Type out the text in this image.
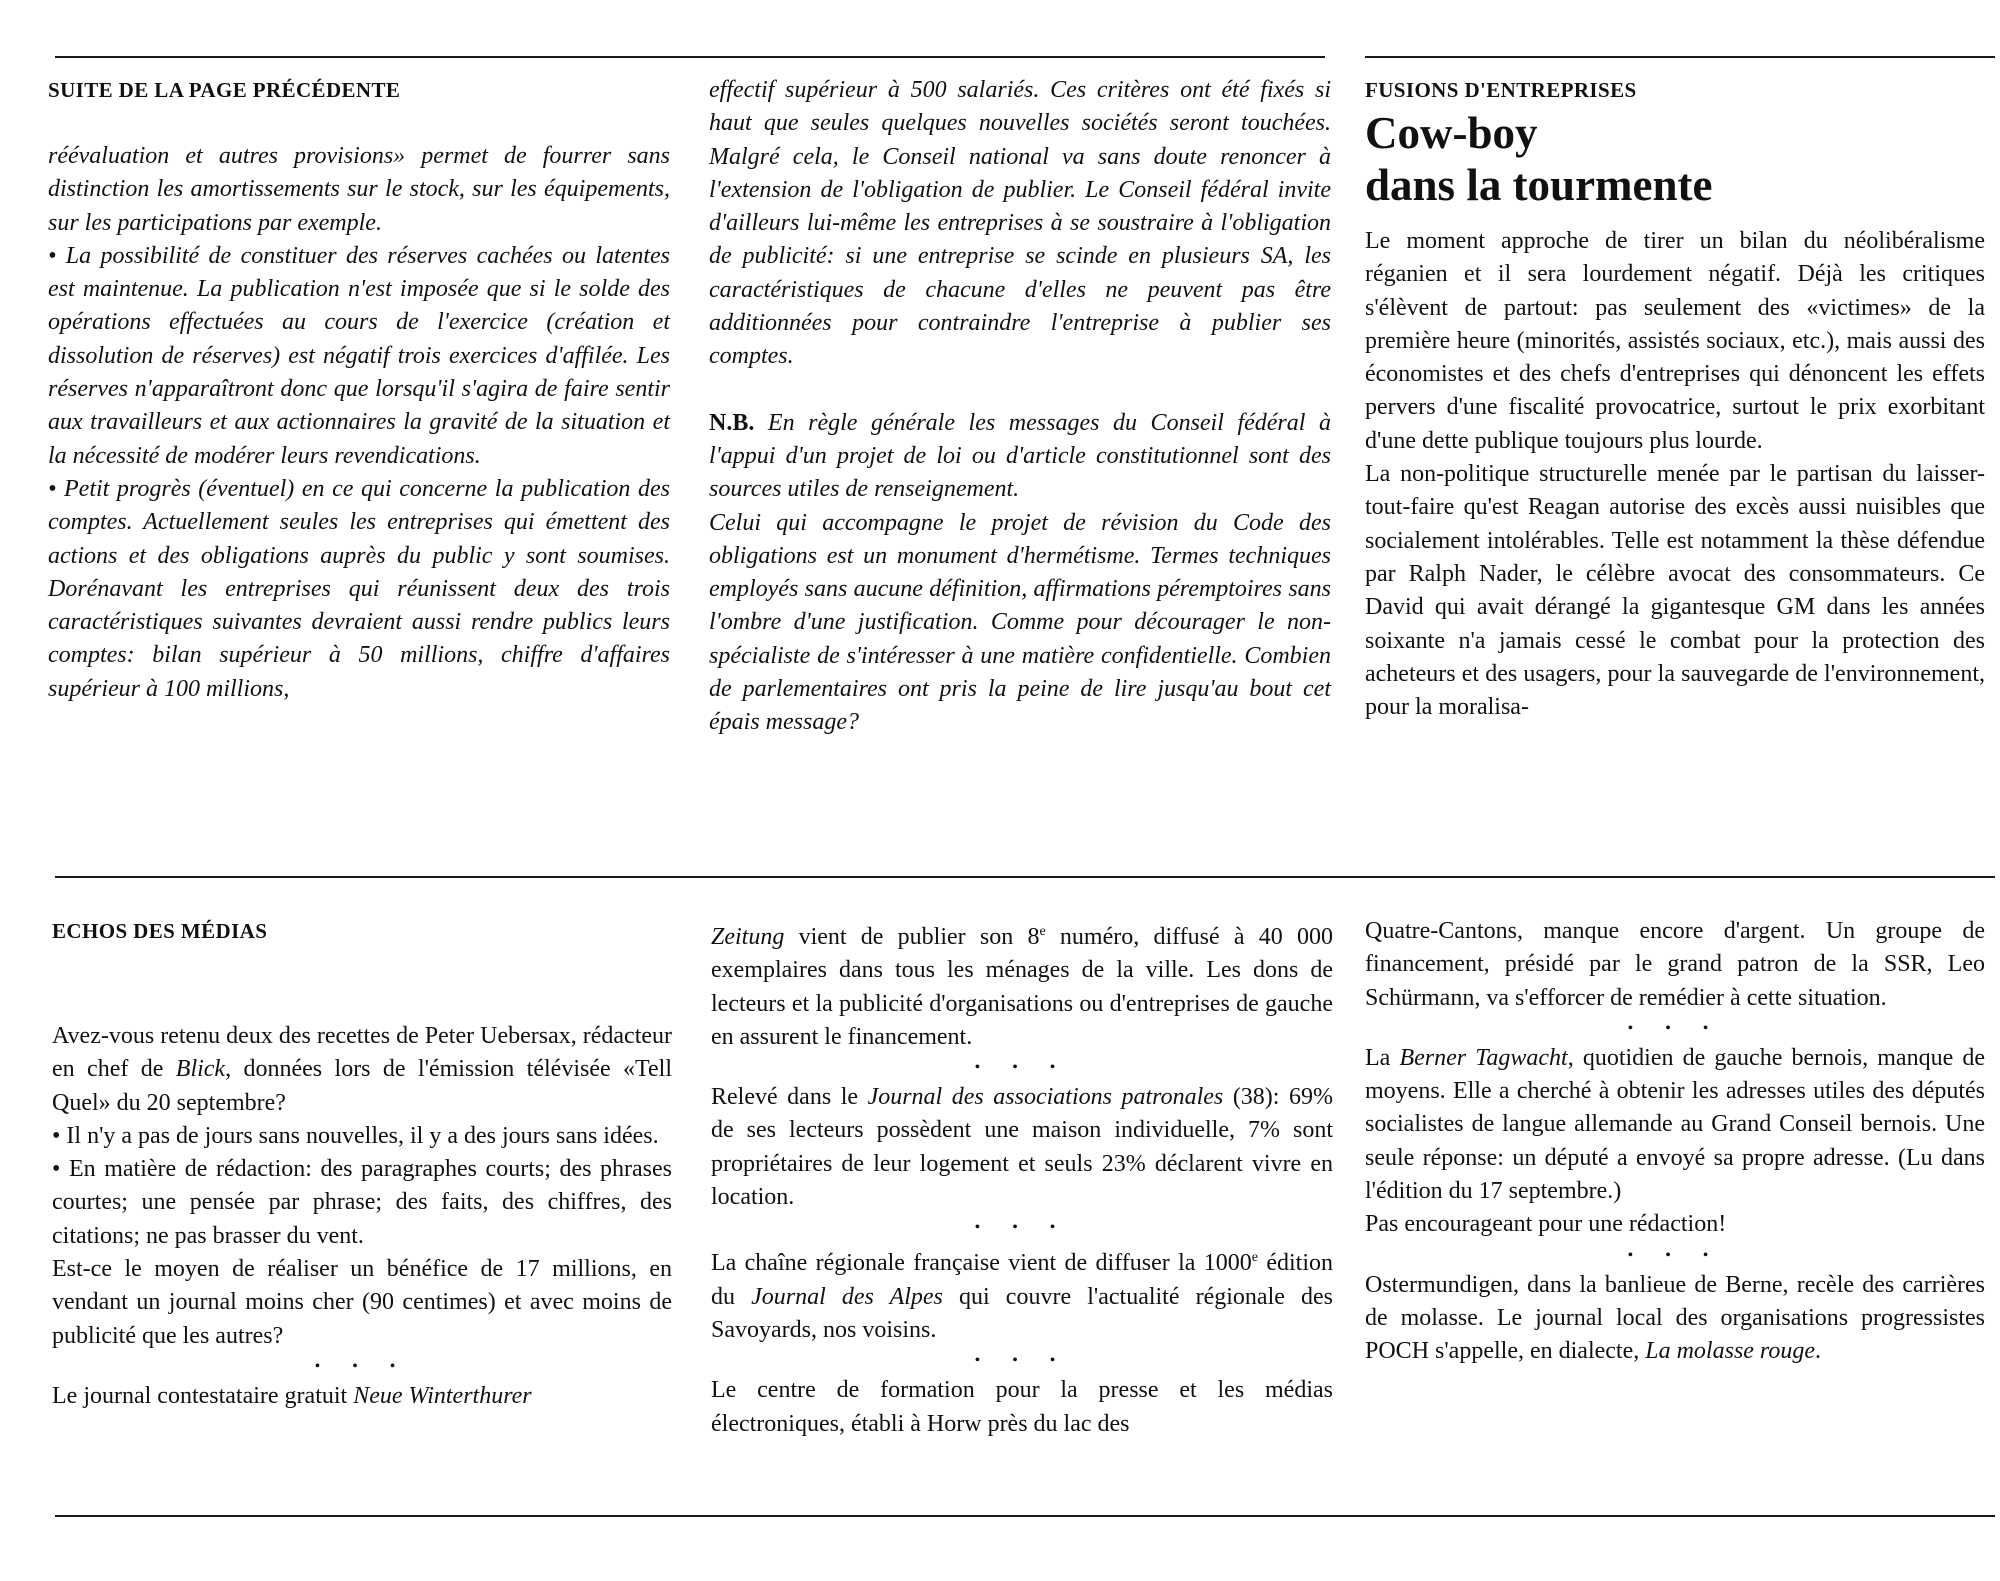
SUITE DE LA PAGE PRÉCÉDENTE

réévaluation et autres provisions» permet de fourrer sans distinction les amortissements sur le stock, sur les équipements, sur les participations par exemple.

• La possibilité de constituer des réserves cachées ou latentes est maintenue. La publication n'est imposée que si le solde des opérations effectuées au cours de l'exercice (création et dissolution de réserves) est négatif trois exercices d'affilée. Les réserves n'apparaîtront donc que lorsqu'il s'agira de faire sentir aux travailleurs et aux actionnaires la gravité de la situation et la nécessité de modérer leurs revendications.

• Petit progrès (éventuel) en ce qui concerne la publication des comptes. Actuellement seules les entreprises qui émettent des actions et des obligations auprès du public y sont soumises. Dorénavant les entreprises qui réunissent deux des trois caractéristiques suivantes devraient aussi rendre publics leurs comptes: bilan supérieur à 50 millions, chiffre d'affaires supérieur à 100 millions,

effectif supérieur à 500 salariés. Ces critères ont été fixés si haut que seules quelques nouvelles sociétés seront touchées. Malgré cela, le Conseil national va sans doute renoncer à l'extension de l'obligation de publier. Le Conseil fédéral invite d'ailleurs lui-même les entreprises à se soustraire à l'obligation de publicité: si une entreprise se scinde en plusieurs SA, les caractéristiques de chacune d'elles ne peuvent pas être additionnées pour contraindre l'entreprise à publier ses comptes.

N.B. En règle générale les messages du Conseil fédéral à l'appui d'un projet de loi ou d'article constitutionnel sont des sources utiles de renseignement.

Celui qui accompagne le projet de révision du Code des obligations est un monument d'hermétisme. Termes techniques employés sans aucune définition, affirmations péremptoires sans l'ombre d'une justification. Comme pour décourager le non-spécialiste de s'intéresser à une matière confidentielle. Combien de parlementaires ont pris la peine de lire jusqu'au bout cet épais message?

FUSIONS D'ENTREPRISES

Cow-boy

dans la tourmente

Le moment approche de tirer un bilan du néolibéralisme réganien et il sera lourdement négatif. Déjà les critiques s'élèvent de partout: pas seulement des «victimes» de la première heure (minorités, assistés sociaux, etc.), mais aussi des économistes et des chefs d'entreprises qui dénoncent les effets pervers d'une fiscalité provocatrice, surtout le prix exorbitant d'une dette publique toujours plus lourde.

La non-politique structurelle menée par le partisan du laisser-tout-faire qu'est Reagan autorise des excès aussi nuisibles que socialement intolérables. Telle est notamment la thèse défendue par Ralph Nader, le célèbre avocat des consommateurs. Ce David qui avait dérangé la gigantesque GM dans les années soixante n'a jamais cessé le combat pour la protection des acheteurs et des usagers, pour la sauvegarde de l'environnement, pour la moralisa-

ECHOS DES MÉDIAS

Avez-vous retenu deux des recettes de Peter Uebersax, rédacteur en chef de Blick, données lors de l'émission télévisée «Tell Quel» du 20 septembre?

• Il n'y a pas de jours sans nouvelles, il y a des jours sans idées.

• En matière de rédaction: des paragraphes courts; des phrases courtes; une pensée par phrase; des faits, des chiffres, des citations; ne pas brasser du vent.

Est-ce le moyen de réaliser un bénéfice de 17 millions, en vendant un journal moins cher (90 centimes) et avec moins de publicité que les autres?

• • •

Le journal contestataire gratuit Neue Winterthurer

Zeitung vient de publier son 8e numéro, diffusé à 40 000 exemplaires dans tous les ménages de la ville. Les dons de lecteurs et la publicité d'organisations ou d'entreprises de gauche en assurent le financement.

• • •

Relevé dans le Journal des associations patronales (38): 69% de ses lecteurs possèdent une maison individuelle, 7% sont propriétaires de leur logement et seuls 23% déclarent vivre en location.

• • •

La chaîne régionale française vient de diffuser la 1000e édition du Journal des Alpes qui couvre l'actualité régionale des Savoyards, nos voisins.

• • •

Le centre de formation pour la presse et les médias électroniques, établi à Horw près du lac des

Quatre-Cantons, manque encore d'argent. Un groupe de financement, présidé par le grand patron de la SSR, Leo Schürmann, va s'efforcer de remédier à cette situation.

• • •

La Berner Tagwacht, quotidien de gauche bernois, manque de moyens. Elle a cherché à obtenir les adresses utiles des députés socialistes de langue allemande au Grand Conseil bernois. Une seule réponse: un député a envoyé sa propre adresse. (Lu dans l'édition du 17 septembre.)

Pas encourageant pour une rédaction!

• • •

Ostermundigen, dans la banlieue de Berne, recèle des carrières de molasse. Le journal local des organisations progressistes POCH s'appelle, en dialecte, La molasse rouge.
